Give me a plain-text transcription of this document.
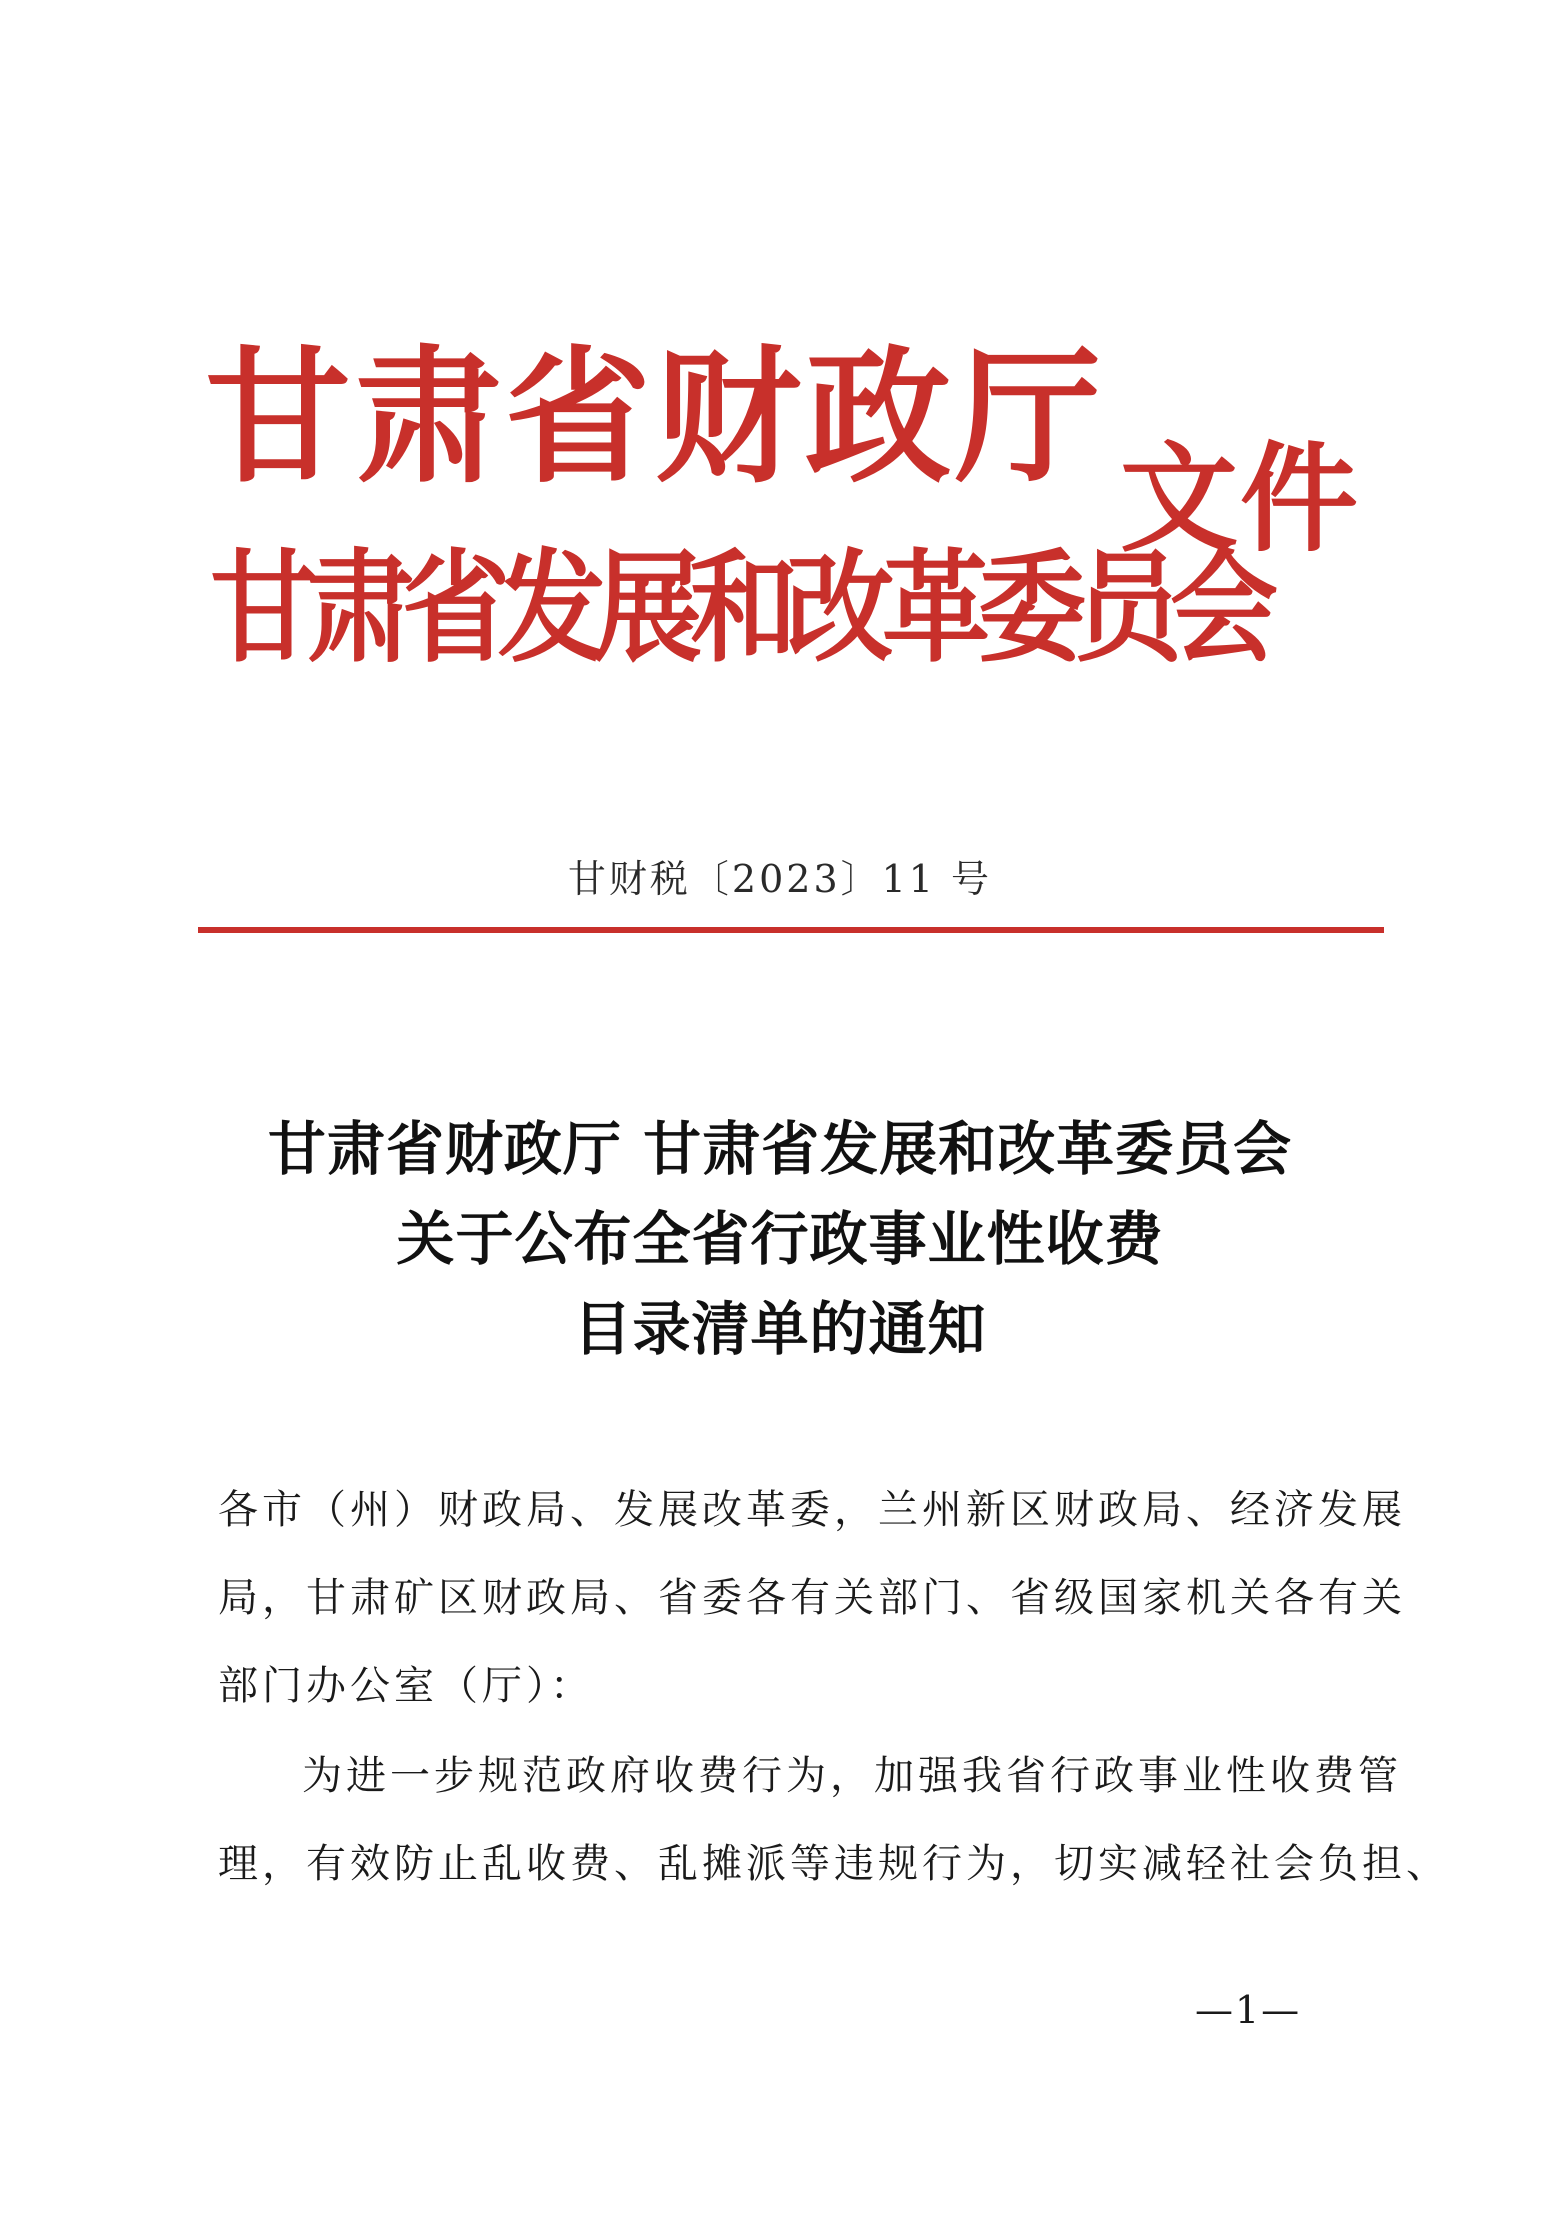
甘肃省财政厅
甘肃省发展和改革委员会
文件
甘财税〔2023〕11 号
甘肃省财政厅 甘肃省发展和改革委员会
关于公布全省行政事业性收费
目录清单的通知
各市（州）财政局、发展改革委，兰州新区财政局、经济发展
局，甘肃矿区财政局、省委各有关部门、省级国家机关各有关
部门办公室（厅）：
为进一步规范政府收费行为，加强我省行政事业性收费管
理，有效防止乱收费、乱摊派等违规行为，切实减轻社会负担、
—1—
